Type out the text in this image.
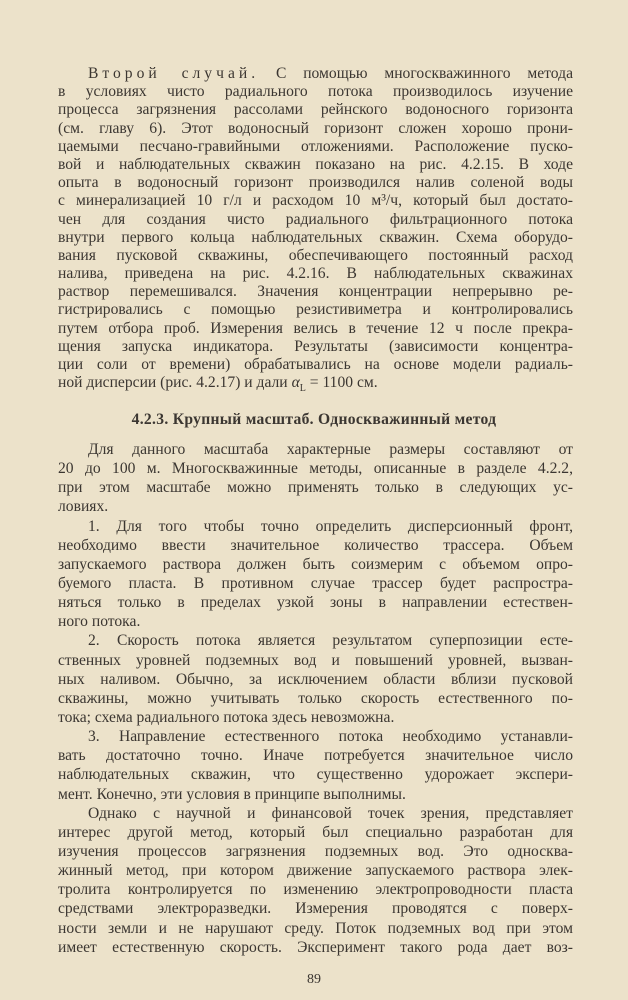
Второй случай. С помощью многоскважинного метода
в условиях чисто радиального потока производилось изучение
процесса загрязнения рассолами рейнского водоносного горизонта
(см. главу 6). Этот водоносный горизонт сложен хорошо прони-
цаемыми песчано-гравийными отложениями. Расположение пуско-
вой и наблюдательных скважин показано на рис. 4.2.15. В ходе
опыта в водоносный горизонт производился налив соленой воды
с минерализацией 10 г/л и расходом 10 м³/ч, который был достато-
чен для создания чисто радиального фильтрационного потока
внутри первого кольца наблюдательных скважин. Схема оборудо-
вания пусковой скважины, обеспечивающего постоянный расход
налива, приведена на рис. 4.2.16. В наблюдательных скважинах
раствор перемешивался. Значения концентрации непрерывно ре-
гистрировались с помощью резистивиметра и контролировались
путем отбора проб. Измерения велись в течение 12 ч после прекра-
щения запуска индикатора. Результаты (зависимости концентра-
ции соли от времени) обрабатывались на основе модели радиаль-
ной дисперсии (рис. 4.2.17) и дали $\alpha_L = 1100$ см.
4.2.3. Крупный масштаб. Односкважинный метод
Для данного масштаба характерные размеры составляют от
20 до 100 м. Многоскважинные методы, описанные в разделе 4.2.2,
при этом масштабе можно применять только в следующих ус-
ловиях.
1. Для того чтобы точно определить дисперсионный фронт,
необходимо ввести значительное количество трассера. Объем
запускаемого раствора должен быть соизмерим с объемом опро-
буемого пласта. В противном случае трассер будет распростра-
няться только в пределах узкой зоны в направлении естествен-
ного потока.
2. Скорость потока является результатом суперпозиции есте-
ственных уровней подземных вод и повышений уровней, вызван-
ных наливом. Обычно, за исключением области вблизи пусковой
скважины, можно учитывать только скорость естественного по-
тока; схема радиального потока здесь невозможна.
3. Направление естественного потока необходимо устанавли-
вать достаточно точно. Иначе потребуется значительное число
наблюдательных скважин, что существенно удорожает экспери-
мент. Конечно, эти условия в принципе выполнимы.
Однако с научной и финансовой точек зрения, представляет
интерес другой метод, который был специально разработан для
изучения процессов загрязнения подземных вод. Это односква-
жинный метод, при котором движение запускаемого раствора элек-
тролита контролируется по изменению электропроводности пласта
средствами электроразведки. Измерения проводятся с поверх-
ности земли и не нарушают среду. Поток подземных вод при этом
имеет естественную скорость. Эксперимент такого рода дает воз-
89
